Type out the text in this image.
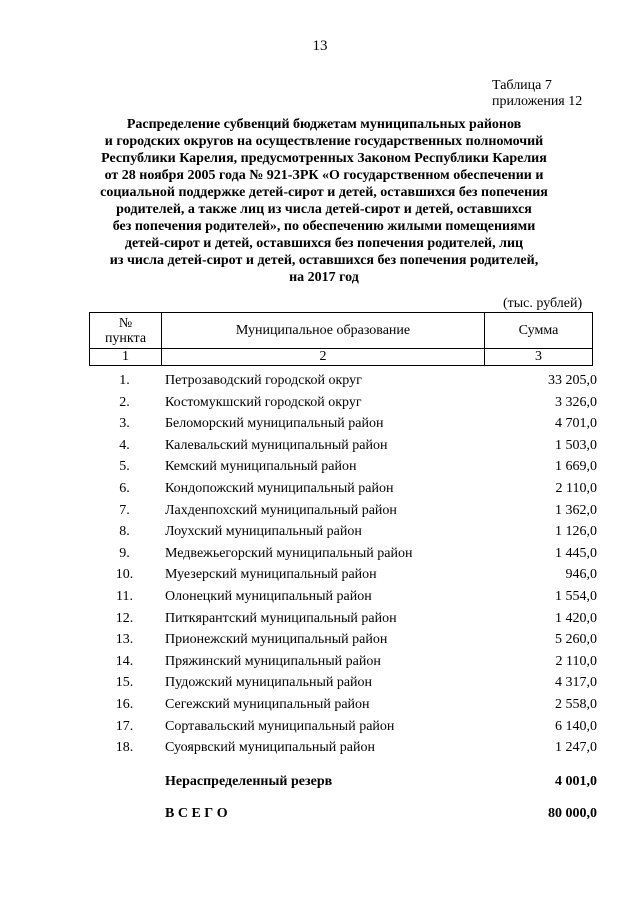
13
Таблица 7
приложения 12
Распределение субвенций бюджетам муниципальных районов
и городских округов на осуществление государственных полномочий
Республики Карелия, предусмотренных Законом Республики Карелия
от 28 ноября 2005 года № 921-ЗРК «О государственном обеспечении и
социальной поддержке детей-сирот и детей, оставшихся без попечения
родителей, а также лиц из числа детей-сирот и детей, оставшихся
без попечения родителей», по обеспечению жилыми помещениями
детей-сирот и детей, оставшихся без попечения родителей, лиц
из числа детей-сирот и детей, оставшихся без попечения родителей,
на 2017 год
(тыс. рублей)
№
пункта	Муниципальное образование	Сумма
1	2	3
1.	Петрозаводский городской округ	33 205,0
2.	Костомукшский городской округ	3 326,0
3.	Беломорский муниципальный район	4 701,0
4.	Калевальский муниципальный район	1 503,0
5.	Кемский муниципальный район	1 669,0
6.	Кондопожский муниципальный район	2 110,0
7.	Лахденпохский муниципальный район	1 362,0
8.	Лоухский муниципальный район	1 126,0
9.	Медвежьегорский муниципальный район	1 445,0
10.	Муезерский муниципальный район	946,0
11.	Олонецкий муниципальный район	1 554,0
12.	Питкярантский муниципальный район	1 420,0
13.	Прионежский муниципальный район	5 260,0
14.	Пряжинский муниципальный район	2 110,0
15.	Пудожский муниципальный район	4 317,0
16.	Сегежский муниципальный район	2 558,0
17.	Сортавальский муниципальный район	6 140,0
18.	Суоярвский муниципальный район	1 247,0
Нераспределенный резерв	4 001,0
В С Е Г О	80 000,0
